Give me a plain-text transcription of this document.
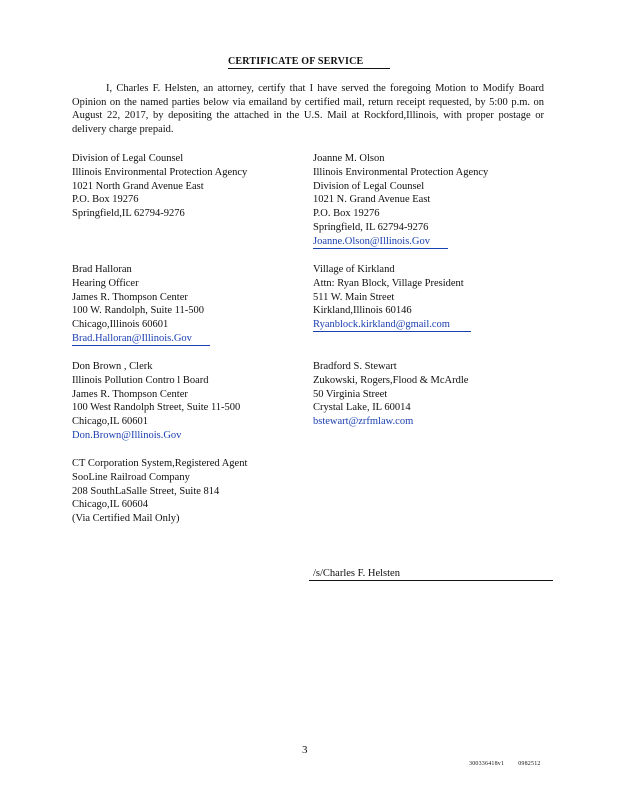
CERTIFICATE OF SERVICE
I, Charles F. Helsten, an attorney, certify that I have served the foregoing Motion to Modify Board Opinion on the named parties below via emailand by certified mail, return receipt requested, by 5:00 p.m. on August 22, 2017, by depositing the attached in the U.S. Mail at Rockford,Illinois, with proper postage or delivery charge prepaid.
Division of Legal Counsel
Illinois Environmental Protection Agency
1021 North Grand Avenue East
P.O. Box 19276
Springfield,IL 62794-9276
Brad Halloran
Hearing Officer
James R. Thompson Center
100 W. Randolph, Suite 11-500
Chicago,Illinois 60601
Brad.Halloran@Illinois.Gov
Don Brown , Clerk
Illinois Pollution Contro l Board
James R. Thompson Center
100 West Randolph Street, Suite 11-500
Chicago,IL 60601
Don.Brown@Illinois.Gov
CT Corporation System,Registered Agent
SooLine Railroad Company
208 SouthLaSalle Street, Suite 814
Chicago,IL 60604
(Via Certified Mail Only)
Joanne M. Olson
Illinois Environmental Protection Agency
Division of Legal Counsel
1021 N. Grand Avenue East
P.O. Box 19276
Springfield, IL 62794-9276
Joanne.Olson@Illinois.Gov
Village of Kirkland
Attn: Ryan Block, Village President
511 W. Main Street
Kirkland,Illinois 60146
Ryanblock.kirkland@gmail.com
Bradford S. Stewart
Zukowski, Rogers,Flood & McArdle
50 Virginia Street
Crystal Lake, IL 60014
bstewart@zrfmlaw.com
/s/Charles F. Helsten
3
300336418v1 0982512
